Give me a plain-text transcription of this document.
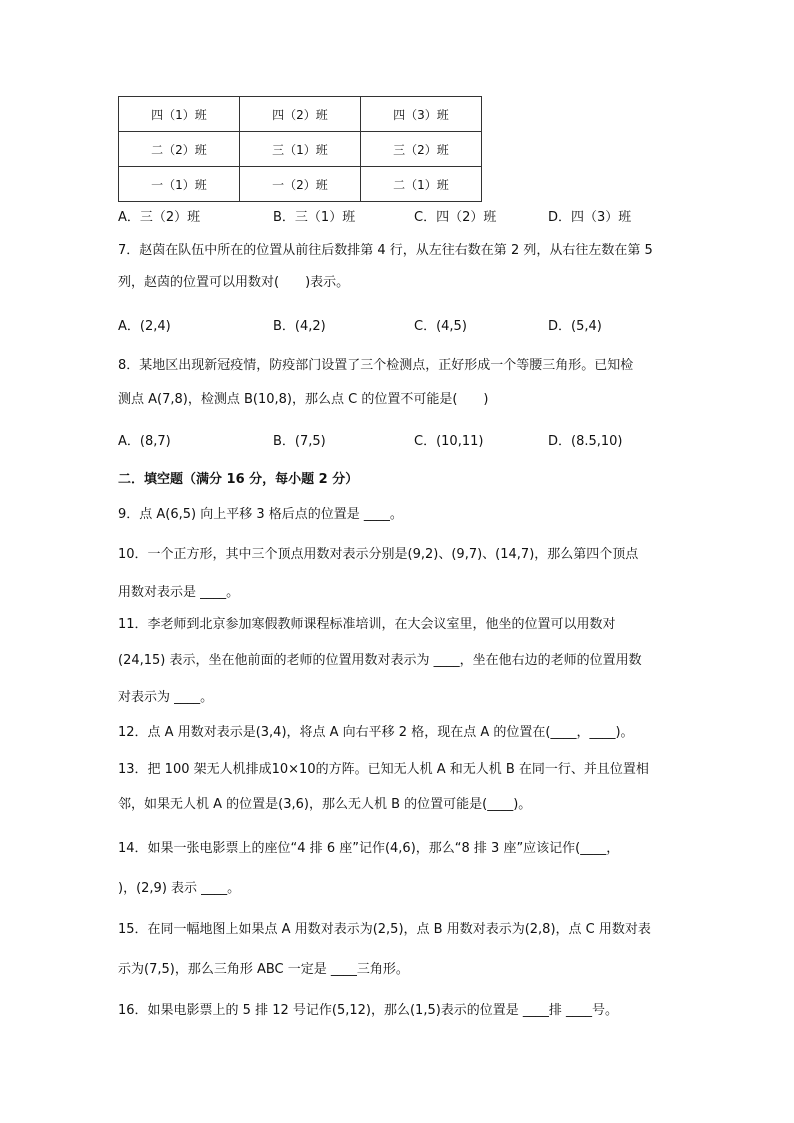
四（1）班	四（2）班	四（3）班
二（2）班	三（1）班	三（2）班
一（1）班	一（2）班	二（1）班
A．三（2）班	B．三（1）班	C．四（2）班	D．四（3）班
7．赵茵在队伍中所在的位置从前往后数排第 4 行，从左往右数在第 2 列，从右往左数在第 5
列，赵茵的位置可以用数对(　　)表示。
A．(2,4)	B．(4,2)	C．(4,5)	D．(5,4)
8．某地区出现新冠疫情，防疫部门设置了三个检测点，正好形成一个等腰三角形。已知检
测点 A(7,8)，检测点 B(10,8)，那么点 C 的位置不可能是(　　)
A．(8,7)	B．(7,5)	C．(10,11)	D．(8.5,10)
二．填空题（满分 16 分，每小题 2 分）
9．点 A(6,5) 向上平移 3 格后点的位置是 ____。
10．一个正方形，其中三个顶点用数对表示分别是(9,2)、(9,7)、(14,7)，那么第四个顶点
用数对表示是 ____。
11．李老师到北京参加寒假教师课程标准培训，在大会议室里，他坐的位置可以用数对
(24,15) 表示，坐在他前面的老师的位置用数对表示为 ____，坐在他右边的老师的位置用数
对表示为 ____。
12．点 A 用数对表示是(3,4)，将点 A 向右平移 2 格，现在点 A 的位置在(____，____)。
13．把 100 架无人机排成10×10的方阵。已知无人机 A 和无人机 B 在同一行、并且位置相
邻，如果无人机 A 的位置是(3,6)，那么无人机 B 的位置可能是(____)。
14．如果一张电影票上的座位“4 排 6 座”记作(4,6)，那么“8 排 3 座”应该记作(____，
)，(2,9) 表示 ____。
15．在同一幅地图上如果点 A 用数对表示为(2,5)，点 B 用数对表示为(2,8)，点 C 用数对表
示为(7,5)，那么三角形 ABC 一定是 ____三角形。
16．如果电影票上的 5 排 12 号记作(5,12)，那么(1,5)表示的位置是 ____排 ____号。
